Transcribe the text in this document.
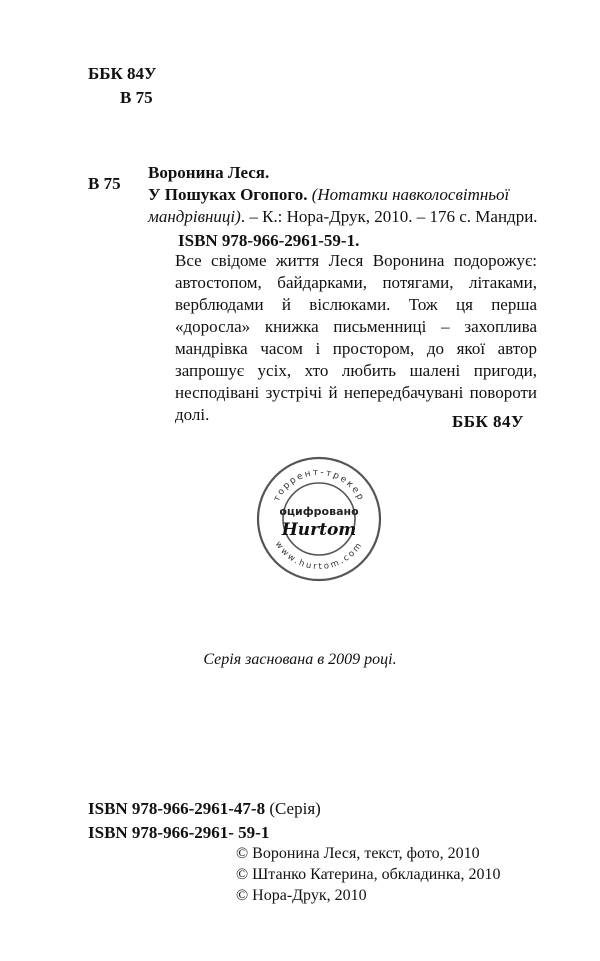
ББК 84У
В 75
В 75
Воронина Леся.
У Пошуках Огопого. (Нотатки навколосвітньої
мандрівниці). – К.: Нора-Друк, 2010. – 176 с. Мандри.
ISBN 978-966-2961-59-1.
Все свідоме життя Леся Воронина подорожує: автостопом, байдарками, потягами, літаками, верблюдами й віслюками. Тож ця перша «доросла» книжка письменниці – захоплива мандрівка часом і простором, до якої автор запрошує усіх, хто любить шалені пригоди, несподівані зустрічі й непередбачувані повороти долі.	ББК 84У
торрент-трекер
www.hurtom.com
оцифровано
Hurtom
Серія заснована в 2009 році.
ISBN 978-966-2961-47-8 (Серія)
ISBN 978-966-2961- 59-1
© Воронина Леся, текст, фото, 2010
© Штанко Катерина, обкладинка, 2010
© Нора-Друк, 2010
